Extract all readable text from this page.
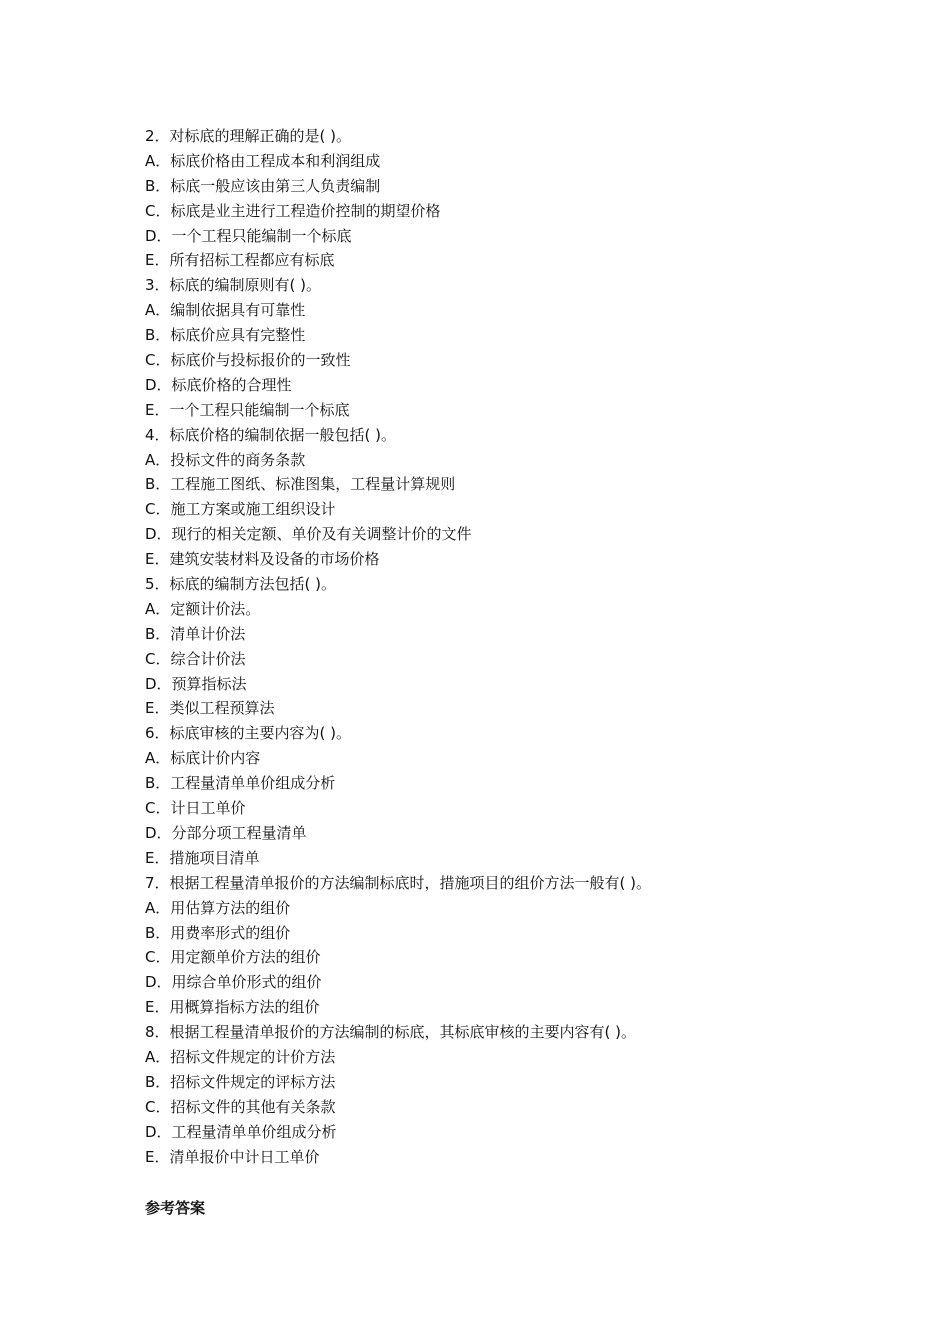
2．对标底的理解正确的是( )。
A．标底价格由工程成本和利润组成
B．标底一般应该由第三人负责编制
C．标底是业主进行工程造价控制的期望价格
D．一个工程只能编制一个标底
E．所有招标工程都应有标底
3．标底的编制原则有( )。
A．编制依据具有可靠性
B．标底价应具有完整性
C．标底价与投标报价的一致性
D．标底价格的合理性
E．一个工程只能编制一个标底
4．标底价格的编制依据一般包括( )。
A．投标文件的商务条款
B．工程施工图纸、标准图集，工程量计算规则
C．施工方案或施工组织设计
D．现行的相关定额、单价及有关调整计价的文件
E．建筑安装材料及设备的市场价格
5．标底的编制方法包括( )。
A．定额计价法。
B．清单计价法
C．综合计价法
D．预算指标法
E．类似工程预算法
6．标底审核的主要内容为( )。
A．标底计价内容
B．工程量清单单价组成分析
C．计日工单价
D．分部分项工程量清单
E．措施项目清单
7．根据工程量清单报价的方法编制标底时，措施项目的组价方法一般有( )。
A．用估算方法的组价
B．用费率形式的组价
C．用定额单价方法的组价
D．用综合单价形式的组价
E．用概算指标方法的组价
8．根据工程量清单报价的方法编制的标底，其标底审核的主要内容有( )。
A．招标文件规定的计价方法
B．招标文件规定的评标方法
C．招标文件的其他有关条款
D．工程量清单单价组成分析
E．清单报价中计日工单价
参考答案
